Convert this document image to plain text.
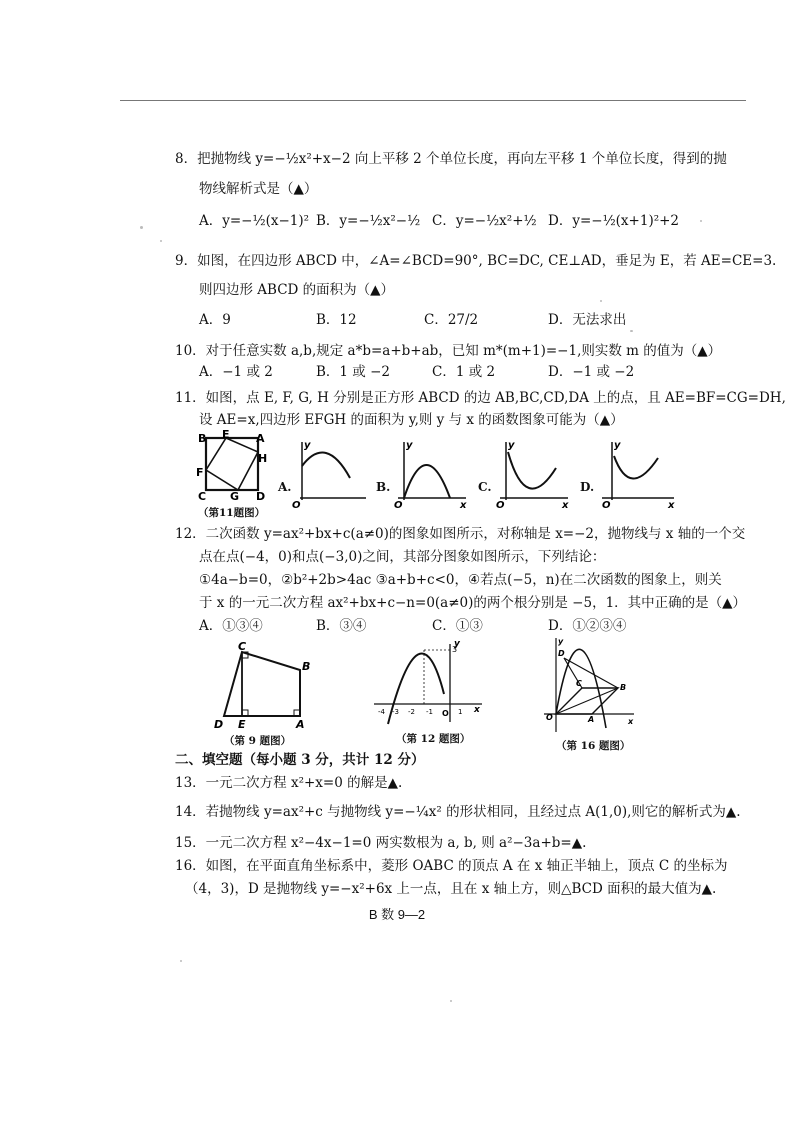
8．把抛物线 y=−½x²+x−2 向上平移 2 个单位长度，再向左平移 1 个单位长度，得到的抛
物线解析式是（▲）
A．y=−½(x−1)² B．y=−½x²−½ C．y=−½x²+½ D．y=−½(x+1)²+2
9．如图，在四边形 ABCD 中，∠A=∠BCD=90°, BC=DC, CE⊥AD，垂足为 E，若 AE=CE=3.
则四边形 ABCD 的面积为（▲）
A．9	B．12	C．27/2	D．无法求出
10．对于任意实数 a,b,规定 a*b=a+b+ab，已知 m*(m+1)=−1,则实数 m 的值为（▲）
A．−1 或 2	B．1 或 −2	C．1 或 2	D．−1 或 −2
11．如图，点 E, F, G, H 分别是正方形 ABCD 的边 AB,BC,CD,DA 上的点，且 AE=BF=CG=DH,
设 AE=x,四边形 EFGH 的面积为 y,则 y 与 x 的函数图象可能为（▲）
B E A
H
F
C G D
（第11题图）
A.
O
y
B.
O
y
x
C.
O
y
x
D.
O
y
x
12．二次函数 y=ax²+bx+c(a≠0)的图象如图所示，对称轴是 x=−2，抛物线与 x 轴的一个交
点在点(−4，0)和点(−3,0)之间，其部分图象如图所示，下列结论：
①4a−b=0，②b²+2b>4ac ③a+b+c<0，④若点(−5，n)在二次函数的图象上，则关
于 x 的一元二次方程 ax²+bx+c−n=0(a≠0)的两个根分别是 −5，1．其中正确的是（▲）
A．①③④	B．③④	C．①③	D．①②③④
C
B
D E	A
（第 9 题图）
3
y
x
-4 -3 -2 -1 O 1
（第 12 题图）
D
C	B
O	A
y
x
（第 16 题图）
二、填空题（每小题 3 分，共计 12 分）
13．一元二次方程 x²+x=0 的解是▲.
14．若抛物线 y=ax²+c 与抛物线 y=−¼x² 的形状相同，且经过点 A(1,0),则它的解析式为▲.
15．一元二次方程 x²−4x−1=0 两实数根为 a, b, 则 a²−3a+b=▲.
16．如图，在平面直角坐标系中，菱形 OABC 的顶点 A 在 x 轴正半轴上，顶点 C 的坐标为
（4，3)，D 是抛物线 y=−x²+6x 上一点，且在 x 轴上方，则△BCD 面积的最大值为▲.
B 数 9—2
